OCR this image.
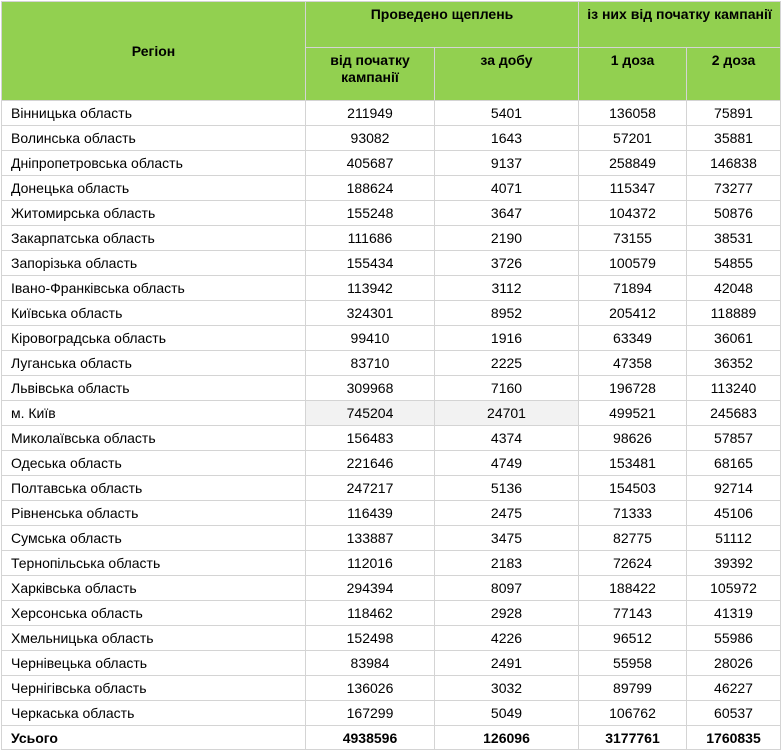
Регіон	Проведено щеплень		із них від початку кампанії	
	від початку кампанії	за добу	1 доза	2 доза
Вінницька область	211949	5401	136058	75891
Волинська область	93082	1643	57201	35881
Дніпропетровська область	405687	9137	258849	146838
Донецька область	188624	4071	115347	73277
Житомирська область	155248	3647	104372	50876
Закарпатська область	111686	2190	73155	38531
Запорізька область	155434	3726	100579	54855
Івано-Франківська область	113942	3112	71894	42048
Київська область	324301	8952	205412	118889
Кіровоградська область	99410	1916	63349	36061
Луганська область	83710	2225	47358	36352
Львівська область	309968	7160	196728	113240
м. Київ	745204	24701	499521	245683
Миколаївська область	156483	4374	98626	57857
Одеська область	221646	4749	153481	68165
Полтавська область	247217	5136	154503	92714
Рівненська область	116439	2475	71333	45106
Сумська область	133887	3475	82775	51112
Тернопільська область	112016	2183	72624	39392
Харківська область	294394	8097	188422	105972
Херсонська область	118462	2928	77143	41319
Хмельницька область	152498	4226	96512	55986
Чернівецька область	83984	2491	55958	28026
Чернігівська область	136026	3032	89799	46227
Черкаська область	167299	5049	106762	60537
Усього	4938596	126096	3177761	1760835
